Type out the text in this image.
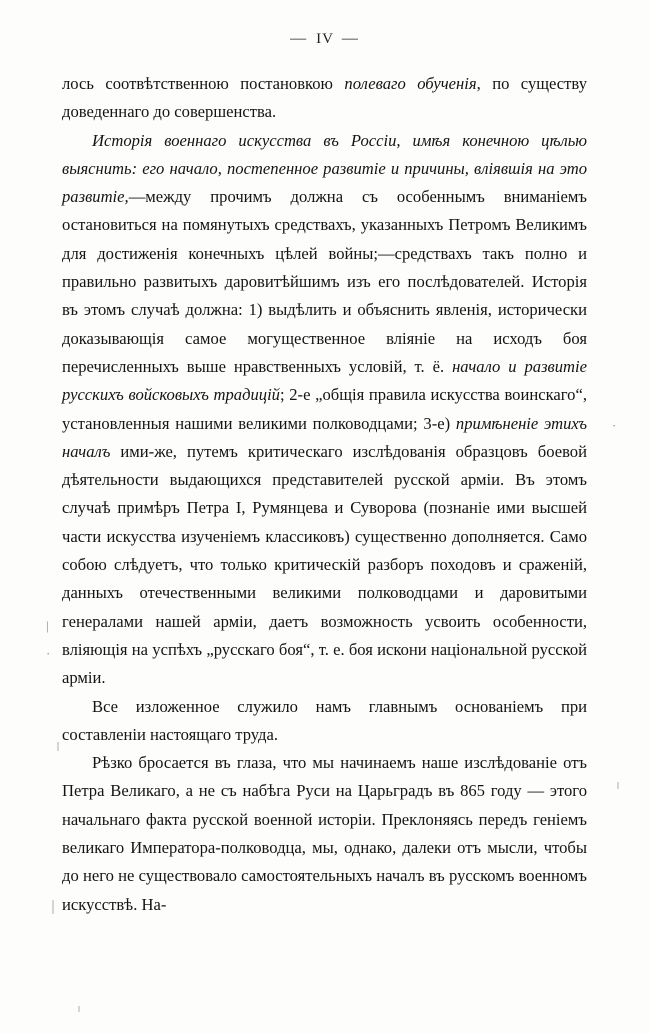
— IV —

лось соотвѣтственною постановкою полеваго обученія, по существу доведеннаго до совершенства.

Исторія военнаго искусства въ Россіи, имѣя конечною цѣлью выяснить: его начало, постепенное развитіе и причины, вліявшія на это развитіе,—между прочимъ должна съ особеннымъ вниманіемъ остановиться на помянутыхъ средствахъ, указанныхъ Петромъ Великимъ для достиженія конечныхъ цѣлей войны;—средствахъ такъ полно и правильно развитыхъ даровитѣйшимъ изъ его послѣдователей. Исторія въ этомъ случаѣ должна: 1) выдѣлить и объяснить явленія, исторически доказывающія самое могущественное вліяніе на исходъ боя перечисленныхъ выше нравственныхъ условій, т. ё. начало и развитіе русскихъ войсковыхъ традицій; 2-е „общія правила искусства воинскаго“, установленныя нашими великими полководцами; 3-е) примѣненіе этихъ началъ ими-же, путемъ критическаго изслѣдованія образцовъ боевой дѣятельности выдающихся представителей русской арміи. Въ этомъ случаѣ примѣръ Петра I, Румянцева и Суворова (познаніе ими высшей части искусства изученіемъ классиковъ) существенно дополняется. Само собою слѣдуетъ, что только критическій разборъ походовъ и сраженій, данныхъ отечественными великими полководцами и даровитыми генералами нашей арміи, даетъ возможность усвоить особенности, вліяющія на успѣхъ „русскаго боя“, т. е. боя искони національной русской арміи.

Все изложенное служило намъ главнымъ основаніемъ при составленіи настоящаго труда.

Рѣзко бросается въ глаза, что мы начинаемъ наше изслѣдованіе отъ Петра Великаго, а не съ набѣга Руси на Царьградъ въ 865 году — этого начальнаго факта русской военной исторіи. Преклоняясь передъ геніемъ великаго Императора-полководца, мы, однако, далеки отъ мысли, чтобы до него не существовало самостоятельныхъ началъ въ русскомъ военномъ искусствѣ. На-

|
·
·
